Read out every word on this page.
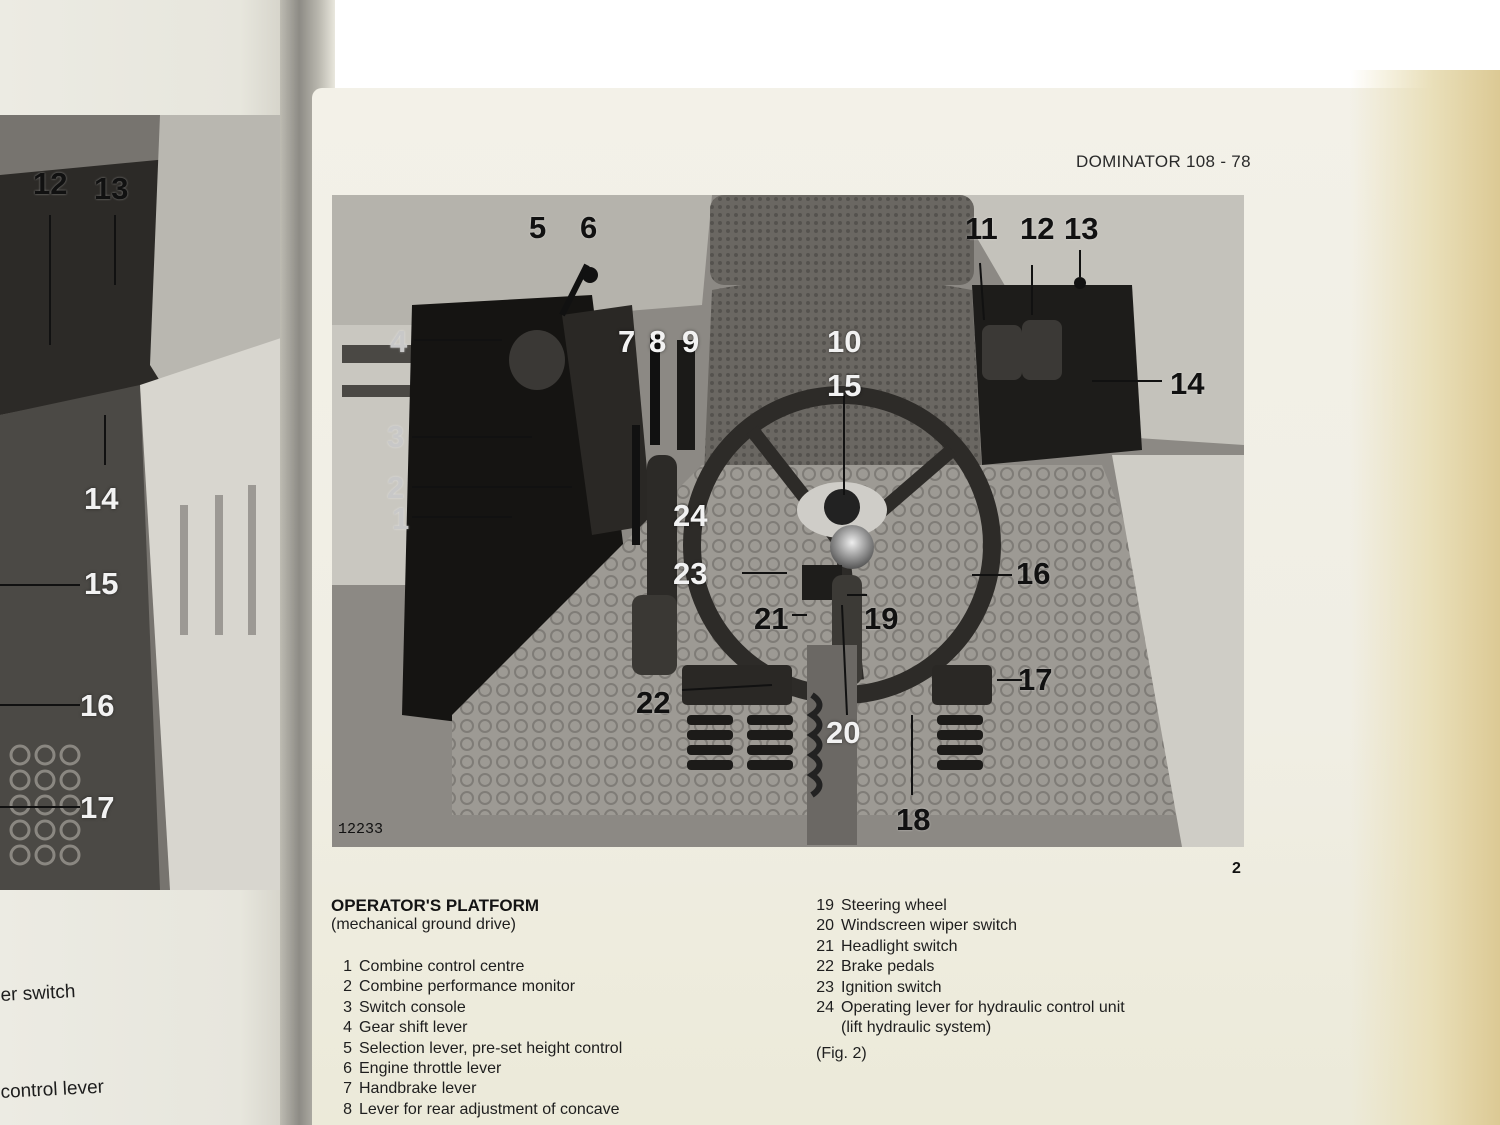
12 13
14
15
16
17
er switch
control lever
DOMINATOR 108 - 78
5 6
4
3
2
1
7 8 9	10
15
11 12 13
14
24
23	16
21 19
17
22
20
18
12233
2
OPERATOR'S PLATFORM
(mechanical ground drive)
1 Combine control centre
2 Combine performance monitor
3 Switch console
4 Gear shift lever
5 Selection lever, pre-set height control
6 Engine throttle lever
7 Handbrake lever
8 Lever for rear adjustment of concave
19 Steering wheel
20 Windscreen wiper switch
21 Headlight switch
22 Brake pedals
23 Ignition switch
24 Operating lever for hydraulic control unit
(lift hydraulic system)
(Fig. 2)
